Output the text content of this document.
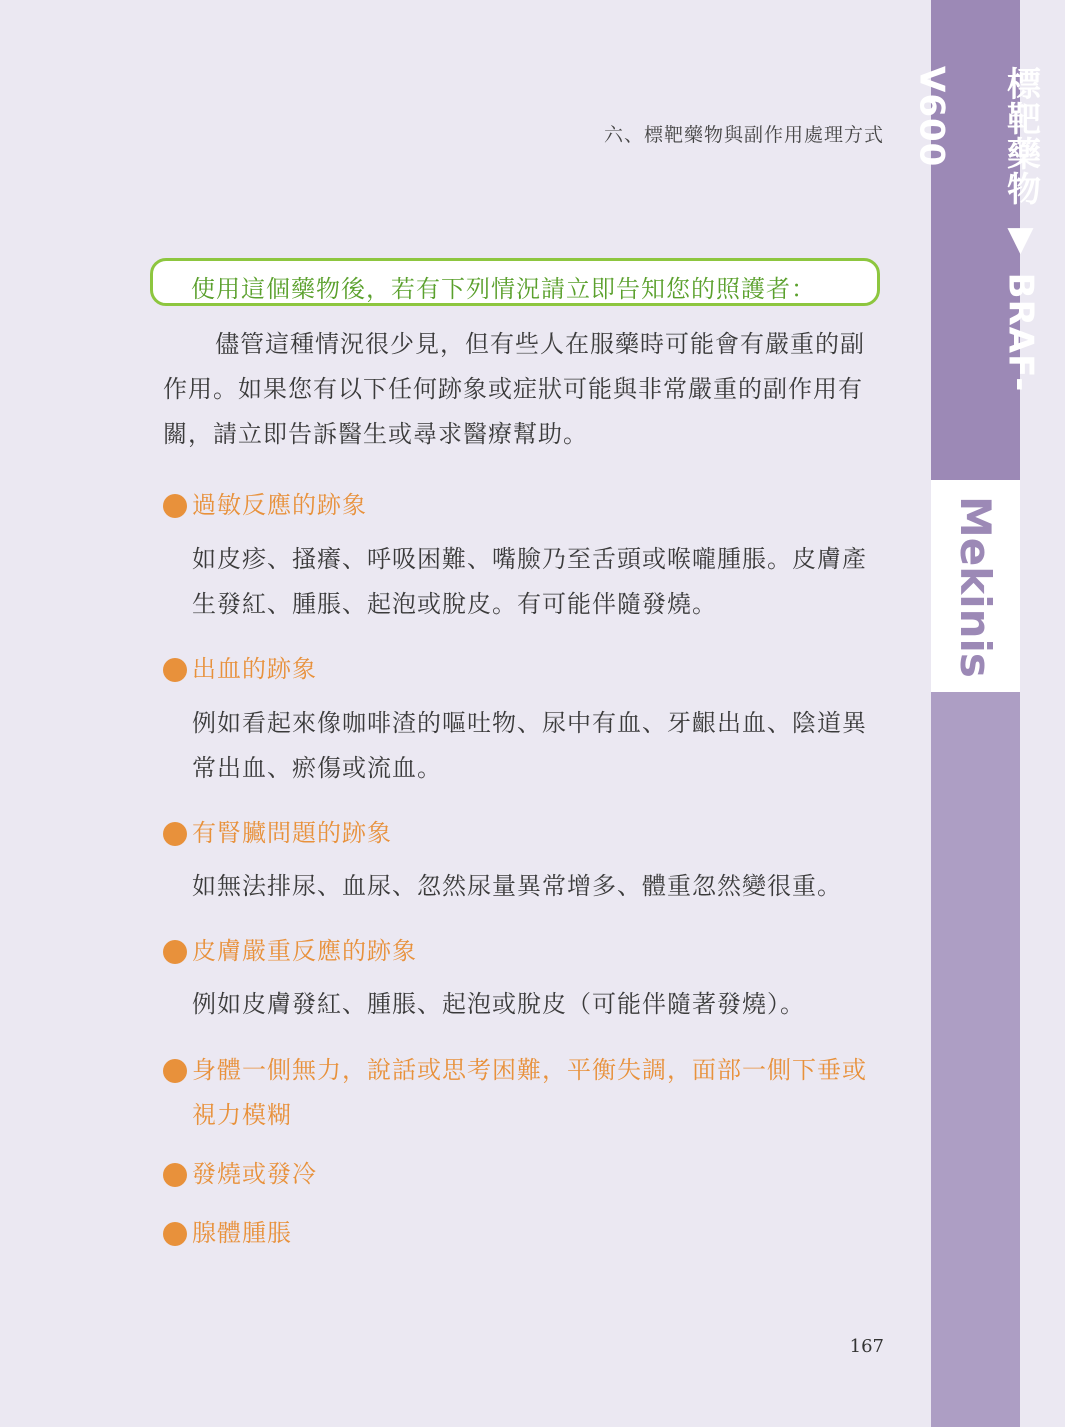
標靶藥物 ▼ BRAF-V600
Mekinis
六、標靶藥物與副作用處理方式
使用這個藥物後，若有下列情況請立即告知您的照護者：

儘管這種情況很少見，但有些人在服藥時可能會有嚴重的副作用。如果您有以下任何跡象或症狀可能與非常嚴重的副作用有關，請立即告訴醫生或尋求醫療幫助。

過敏反應的跡象

如皮疹、搔癢、呼吸困難、嘴臉乃至舌頭或喉嚨腫脹。皮膚產生發紅、腫脹、起泡或脫皮。有可能伴隨發燒。

出血的跡象

例如看起來像咖啡渣的嘔吐物、尿中有血、牙齦出血、陰道異常出血、瘀傷或流血。

有腎臟問題的跡象

如無法排尿、血尿、忽然尿量異常增多、體重忽然變很重。

皮膚嚴重反應的跡象

例如皮膚發紅、腫脹、起泡或脫皮（可能伴隨著發燒）。

身體一側無力，說話或思考困難，平衡失調，面部一側下垂或視力模糊
發燒或發冷
腺體腫脹
167
